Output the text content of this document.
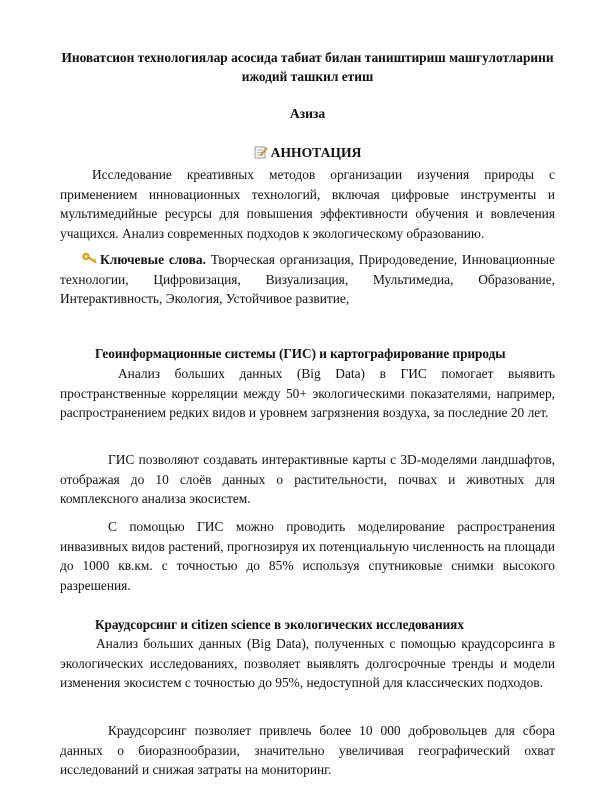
Иноватсион технологиялар асосида табиат билан таништириш машғулотларини ижодий ташкил етиш
Азиза
АННОТАЦИЯ

Исследование креативных методов организации изучения природы с применением инновационных технологий, включая цифровые инструменты и мультимедийные ресурсы для повышения эффективности обучения и вовлечения учащихся. Анализ современных подходов к экологическому образованию.

Ключевые слова. Творческая организация, Природоведение, Инновационные технологии, Цифровизация, Визуализация, Мультимедиа, Образование, Интерактивность, Экология, Устойчивое развитие,

Геоинформационные системы (ГИС) и картографирование природы

Анализ больших данных (Big Data) в ГИС помогает выявить пространственные корреляции между 50+ экологическими показателями, например, распространением редких видов и уровнем загрязнения воздуха, за последние 20 лет.

ГИС позволяют создавать интерактивные карты с 3D-моделями ландшафтов, отображая до 10 слоёв данных о растительности, почвах и животных для комплексного анализа экосистем.

С помощью ГИС можно проводить моделирование распространения инвазивных видов растений, прогнозируя их потенциальную численность на площади до 1000 кв.км. с точностью до 85% используя спутниковые снимки высокого разрешения.

Краудсорсинг и citizen science в экологических исследованиях

Анализ больших данных (Big Data), полученных с помощью краудсорсинга в экологических исследованиях, позволяет выявлять долгосрочные тренды и модели изменения экосистем с точностью до 95%, недоступной для классических подходов.

Краудсорсинг позволяет привлечь более 10 000 добровольцев для сбора данных о биоразнообразии, значительно увеличивая географический охват исследований и снижая затраты на мониторинг.
